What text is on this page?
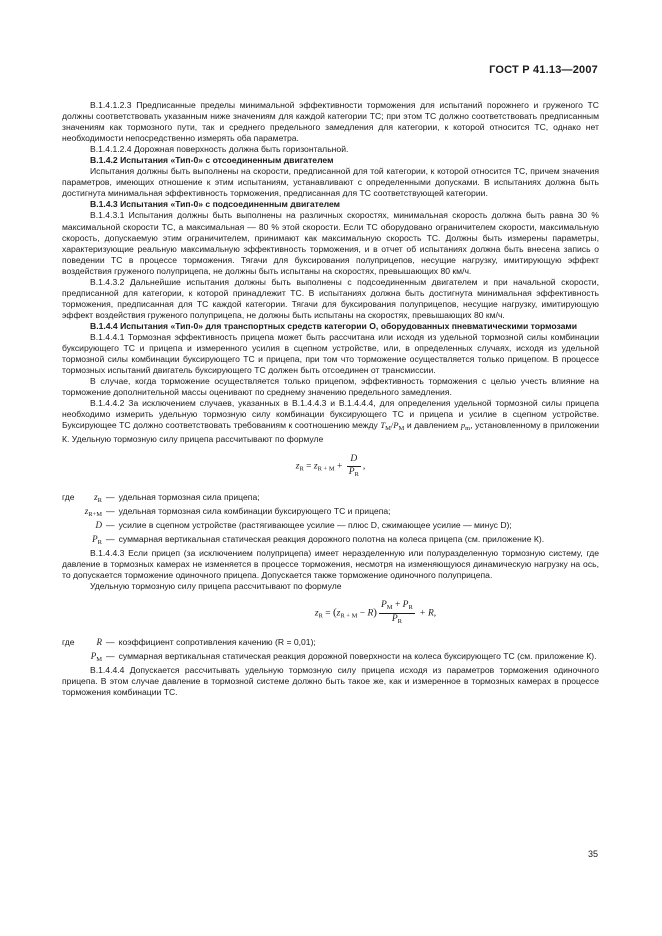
ГОСТ Р 41.13—2007

В.1.4.1.2.3 Предписанные пределы минимальной эффективности торможения для испытаний порожнего и груженого ТС должны соответствовать указанным ниже значениям для каждой категории ТС; при этом ТС должно соответствовать предписанным значениям как тормозного пути, так и среднего предельного замедления для категории, к которой относится ТС, однако нет необходимости непосредственно измерять оба параметра.

В.1.4.1.2.4 Дорожная поверхность должна быть горизонтальной.

В.1.4.2 Испытания «Тип-0» с отсоединенным двигателем

Испытания должны быть выполнены на скорости, предписанной для той категории, к которой относится ТС, причем значения параметров, имеющих отношение к этим испытаниям, устанавливают с определенными допусками. В испытаниях должна быть достигнута минимальная эффективность торможения, предписанная для ТС соответствующей категории.

В.1.4.3 Испытания «Тип-0» с подсоединенным двигателем

В.1.4.3.1 Испытания должны быть выполнены на различных скоростях, минимальная скорость должна быть равна 30 % максимальной скорости ТС, а максимальная — 80 % этой скорости. Если ТС оборудовано ограничителем скорости, максимальную скорость, допускаемую этим ограничителем, принимают как максимальную скорость ТС. Должны быть измерены параметры, характеризующие реальную максимальную эффективность торможения, и в отчет об испытаниях должна быть внесена запись о поведении ТС в процессе торможения. Тягачи для буксирования полуприцепов, несущие нагрузку, имитирующую эффект воздействия груженого полуприцепа, не должны быть испытаны на скоростях, превышающих 80 км/ч.

В.1.4.3.2 Дальнейшие испытания должны быть выполнены с подсоединенным двигателем и при начальной скорости, предписанной для категории, к которой принадлежит ТС. В испытаниях должна быть достигнута минимальная эффективность торможения, предписанная для ТС каждой категории. Тягачи для буксирования полуприцепов, несущие нагрузку, имитирующую эффект воздействия груженого полуприцепа, не должны быть испытаны на скоростях, превышающих 80 км/ч.

В.1.4.4 Испытания «Тип-0» для транспортных средств категории О, оборудованных пневматическими тормозами

В.1.4.4.1 Тормозная эффективность прицепа может быть рассчитана или исходя из удельной тормозной силы комбинации буксирующего ТС и прицепа и измеренного усилия в сцепном устройстве, или, в определенных случаях, исходя из удельной тормозной силы комбинации буксирующего ТС и прицепа, при том что торможение осуществляется только прицепом. В процессе тормозных испытаний двигатель буксирующего ТС должен быть отсоединен от трансмиссии.

В случае, когда торможение осуществляется только прицепом, эффективность торможения с целью учесть влияние на торможение дополнительной массы оценивают по среднему значению предельного замедления.

В.1.4.4.2 За исключением случаев, указанных в В.1.4.4.3 и В.1.4.4.4, для определения удельной тормозной силы прицепа необходимо измерить удельную тормозную силу комбинации буксирующего ТС и прицепа и усилие в сцепном устройстве. Буксирующее ТС должно соответствовать требованиям к соотношению между $T_M/P_M$ и давлением $p_m$, установленному в приложении К. Удельную тормозную силу прицепа рассчитывают по формуле

$z_R = z_{R + M} + \frac{D}{P_R}$ ,
где	$z_R$ — удельная тормозная сила прицепа;
$z_{R+M}$ — удельная тормозная сила комбинации буксирующего ТС и прицепа;
D — усилие в сцепном устройстве (растягивающее усилие — плюс D, сжимающее усилие — минус D);
$P_R$ — суммарная вертикальная статическая реакция дорожного полотна на колеса прицепа (см. приложение К).

В.1.4.4.3 Если прицеп (за исключением полуприцепа) имеет неразделенную или полуразделенную тормозную систему, где давление в тормозных камерах не изменяется в процессе торможения, несмотря на изменяющуюся динамическую нагрузку на ось, то допускается торможение одиночного прицепа. Допускается также торможение одиночного полуприцепа.

Удельную тормозную силу прицепа рассчитывают по формуле

$z_R = (z_{R + M} - R) \frac{P_M + P_R}{P_R} + R$,
где	R — коэффициент сопротивления качению (R = 0,01);
$P_M$ — суммарная вертикальная статическая реакция дорожной поверхности на колеса буксирующего ТС (см. приложение К).

В.1.4.4.4 Допускается рассчитывать удельную тормозную силу прицепа исходя из параметров торможения одиночного прицепа. В этом случае давление в тормозной системе должно быть такое же, как и измеренное в тормозных камерах в процессе торможения комбинации ТС.

35
